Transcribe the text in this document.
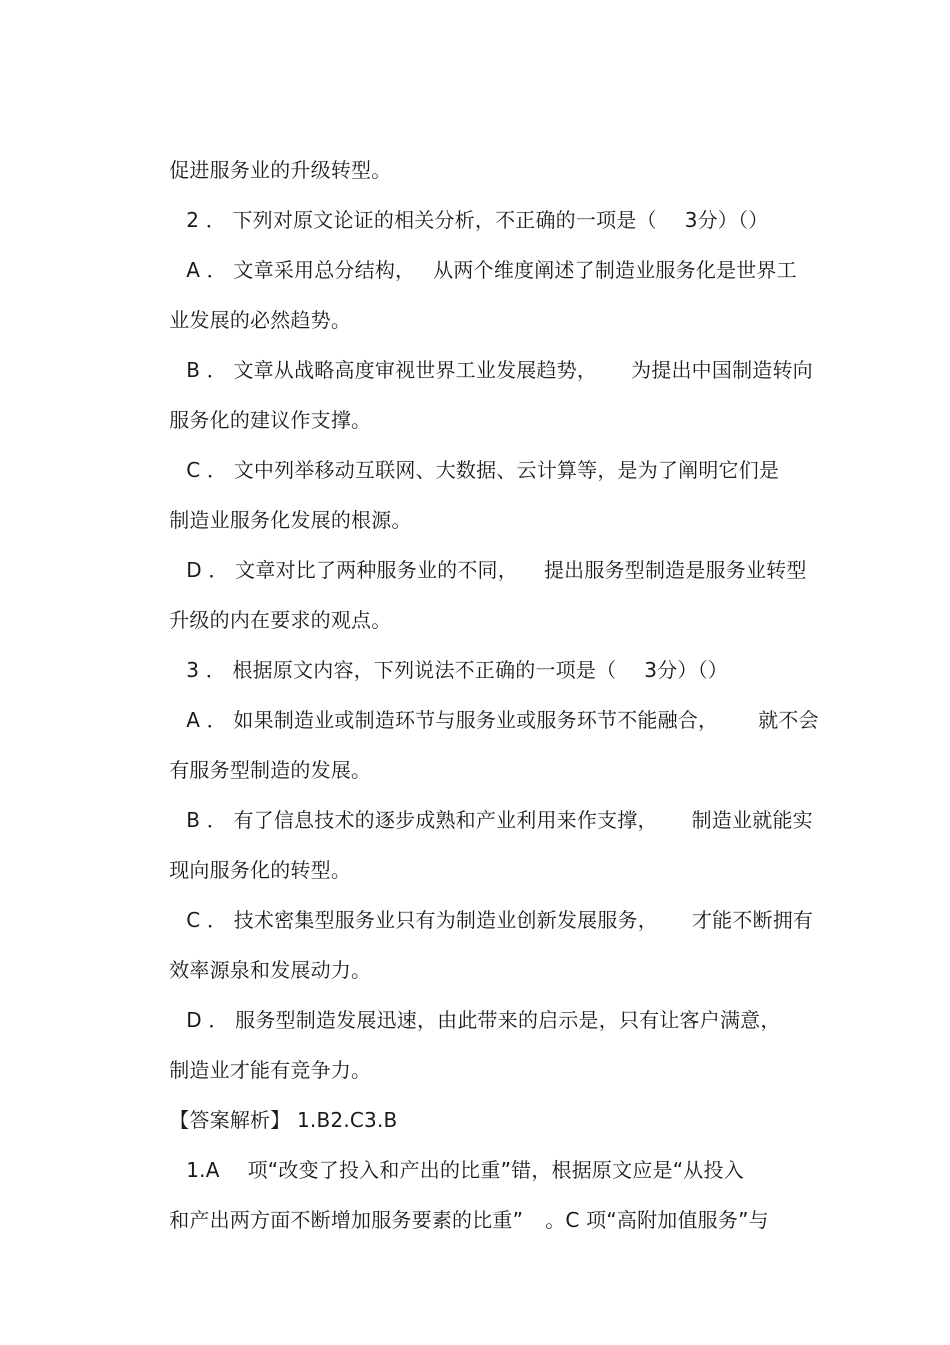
促进服务业的升级转型。

2 ． 下列对原文论证的相关分析，不正确的一项是（ 3分）（）

A ． 文章采用总分结构， 从两个维度阐述了制造业服务化是世界工

业发展的必然趋势。

B ． 文章从战略高度审视世界工业发展趋势， 为提出中国制造转向

服务化的建议作支撑。

C ． 文中列举移动互联网、大数据、云计算等，是为了阐明它们是

制造业服务化发展的根源。

D ． 文章对比了两种服务业的不同， 提出服务型制造是服务业转型

升级的内在要求的观点。

3 ． 根据原文内容，下列说法不正确的一项是（ 3分）（）

A ． 如果制造业或制造环节与服务业或服务环节不能融合， 就不会

有服务型制造的发展。

B ． 有了信息技术的逐步成熟和产业利用来作支撑， 制造业就能实

现向服务化的转型。

C ． 技术密集型服务业只有为制造业创新发展服务， 才能不断拥有

效率源泉和发展动力。

D ． 服务型制造发展迅速，由此带来的启示是，只有让客户满意，

制造业才能有竞争力。

【答案解析】 1.B2.C3.B

1.A 项“改变了投入和产出的比重”错，根据原文应是“从投入

和产出两方面不断增加服务要素的比重” 。C 项“高附加值服务”与
